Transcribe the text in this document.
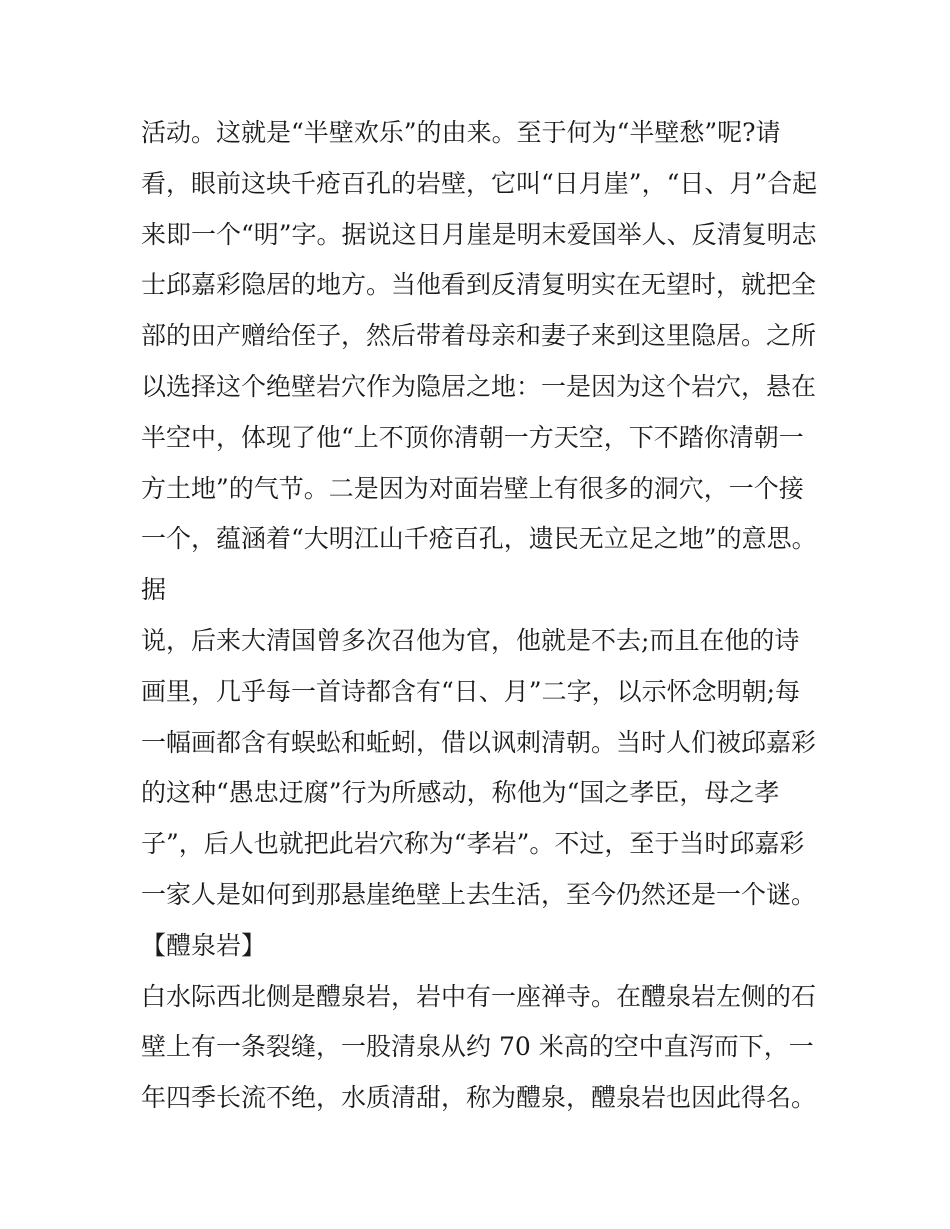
活动。这就是“半壁欢乐”的由来。至于何为“半壁愁”呢?请
看，眼前这块千疮百孔的岩壁，它叫“日月崖”，“日、月”合起
来即一个“明”字。据说这日月崖是明末爱国举人、反清复明志
士邱嘉彩隐居的地方。当他看到反清复明实在无望时，就把全
部的田产赠给侄子，然后带着母亲和妻子来到这里隐居。之所
以选择这个绝壁岩穴作为隐居之地：一是因为这个岩穴，悬在
半空中，体现了他“上不顶你清朝一方天空，下不踏你清朝一
方土地”的气节。二是因为对面岩壁上有很多的洞穴，一个接
一个，蕴涵着“大明江山千疮百孔，遗民无立足之地”的意思。
据
说，后来大清国曾多次召他为官，他就是不去;而且在他的诗
画里，几乎每一首诗都含有“日、月”二字，以示怀念明朝;每
一幅画都含有蜈蚣和蚯蚓，借以讽刺清朝。当时人们被邱嘉彩
的这种“愚忠迂腐”行为所感动，称他为“国之孝臣，母之孝
子”，后人也就把此岩穴称为“孝岩”。不过，至于当时邱嘉彩
一家人是如何到那悬崖绝壁上去生活，至今仍然还是一个谜。
【醴泉岩】
白水际西北侧是醴泉岩，岩中有一座禅寺。在醴泉岩左侧的石
壁上有一条裂缝，一股清泉从约 70 米高的空中直泻而下，一
年四季长流不绝，水质清甜，称为醴泉，醴泉岩也因此得名。
